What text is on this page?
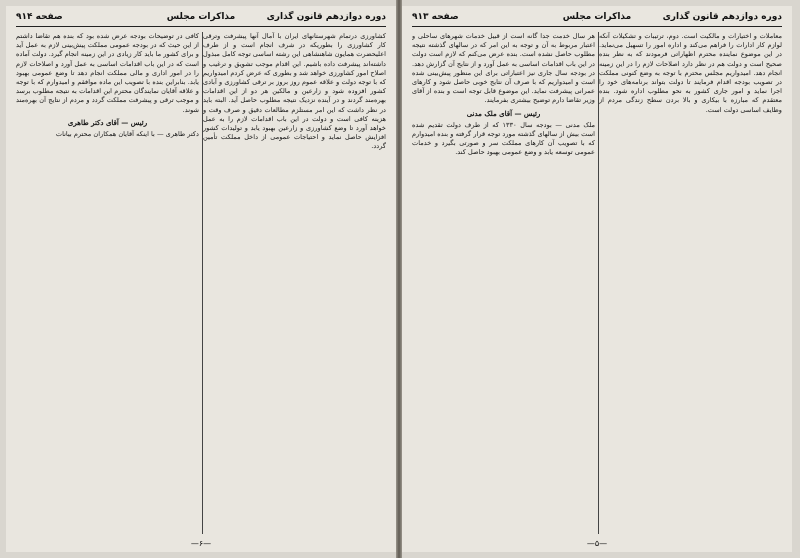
دوره دوازدهم قانون گذاری
مذاکرات مجلس
صفحه ۹۱۴
کشاورزی درتمام شهرستانهای ایران با آمال آنها پیشرفت وترقی کار کشاورزی را بطوریکه در شرف انجام است و از طرف اعلیحضرت همایون شاهنشاهی این رشته اساسی توجه کامل مبذول داشته‌اند پیشرفت داده باشیم. این اقدام موجب تشویق و ترغیب و اصلاح امور کشاورزی خواهد شد و بطوری که عرض کردم امیدواریم که با توجه دولت و علاقه عموم روز بروز بر ترقی کشاورزی و آبادی کشور افزوده شود و زارعین و مالکین هر دو از این اقدامات بهره‌مند گردند و در آینده نزدیک نتیجه مطلوب حاصل آید. البته باید در نظر داشت که این امر مستلزم مطالعات دقیق و صرف وقت و هزینه کافی است و دولت در این باب اقدامات لازم را به عمل خواهد آورد تا وضع کشاورزی و زارعین بهبود یابد و تولیدات کشور افزایش حاصل نماید و احتیاجات عمومی از داخل مملکت تأمین گردد.
کافی در توضیحات بودجه عرض شده بود که بنده هم تقاضا داشتم از این حیث که در بودجه عمومی مملکت پیش‌بینی لازم به عمل آید و برای کشور ما باید کار زیادی در این زمینه انجام گیرد. دولت آماده است که در این باب اقدامات اساسی به عمل آورد و اصلاحات لازم را در امور اداری و مالی مملکت انجام دهد تا وضع عمومی بهبود یابد. بنابراین بنده با تصویب این ماده موافقم و امیدوارم که با توجه و علاقه آقایان نمایندگان محترم این اقدامات به نتیجه مطلوب برسد و موجب ترقی و پیشرفت مملکت گردد و مردم از نتایج آن بهره‌مند شوند.
رئیس — آقای دکتر طاهری
دکتر طاهری — با اینکه آقایان همکاران محترم بیانات
—۶—
دوره دوازدهم قانون گذاری
مذاکرات مجلس
صفحه ۹۱۳
معاملات و اختیارات و مالکیت است. دوم، ترتیبات و تشکیلات آنکه لوازم کار ادارات را فراهم می‌کند و اداره امور را تسهیل می‌نماید. در این موضوع نماینده محترم اظهاراتی فرمودند که به نظر بنده صحیح است و دولت هم در نظر دارد اصلاحات لازم را در این زمینه انجام دهد. امیدواریم مجلس محترم با توجه به وضع کنونی مملکت در تصویب بودجه اقدام فرمایند تا دولت بتواند برنامه‌های خود را اجرا نماید و امور جاری کشور به نحو مطلوب اداره شود. بنده معتقدم که مبارزه با بیکاری و بالا بردن سطح زندگی مردم از وظایف اساسی دولت است.
هر سال خدمت جدا گانه است از قبیل خدمات شهرهای ساحلی و اعتبار مربوط به آن و توجه به این امر که در سالهای گذشته نتیجه مطلوب حاصل نشده است. بنده عرض می‌کنم که لازم است دولت در این باب اقدامات اساسی به عمل آورد و از نتایج آن گزارش دهد. در بودجه سال جاری نیز اعتباراتی برای این منظور پیش‌بینی شده است و امیدواریم که با صرف آن نتایج خوبی حاصل شود و کارهای عمرانی پیشرفت نماید. این موضوع قابل توجه است و بنده از آقای وزیر تقاضا دارم توضیح بیشتری بفرمایند.
رئیس — آقای ملک مدنی
ملک مدنی — بودجه سال ۱۳۳۰ که از طرف دولت تقدیم شده است بیش از سالهای گذشته مورد توجه قرار گرفته و بنده امیدوارم که با تصویب آن کارهای مملکت سر و صورتی بگیرد و خدمات عمومی توسعه یابد و وضع عمومی بهبود حاصل کند.
—۵—
